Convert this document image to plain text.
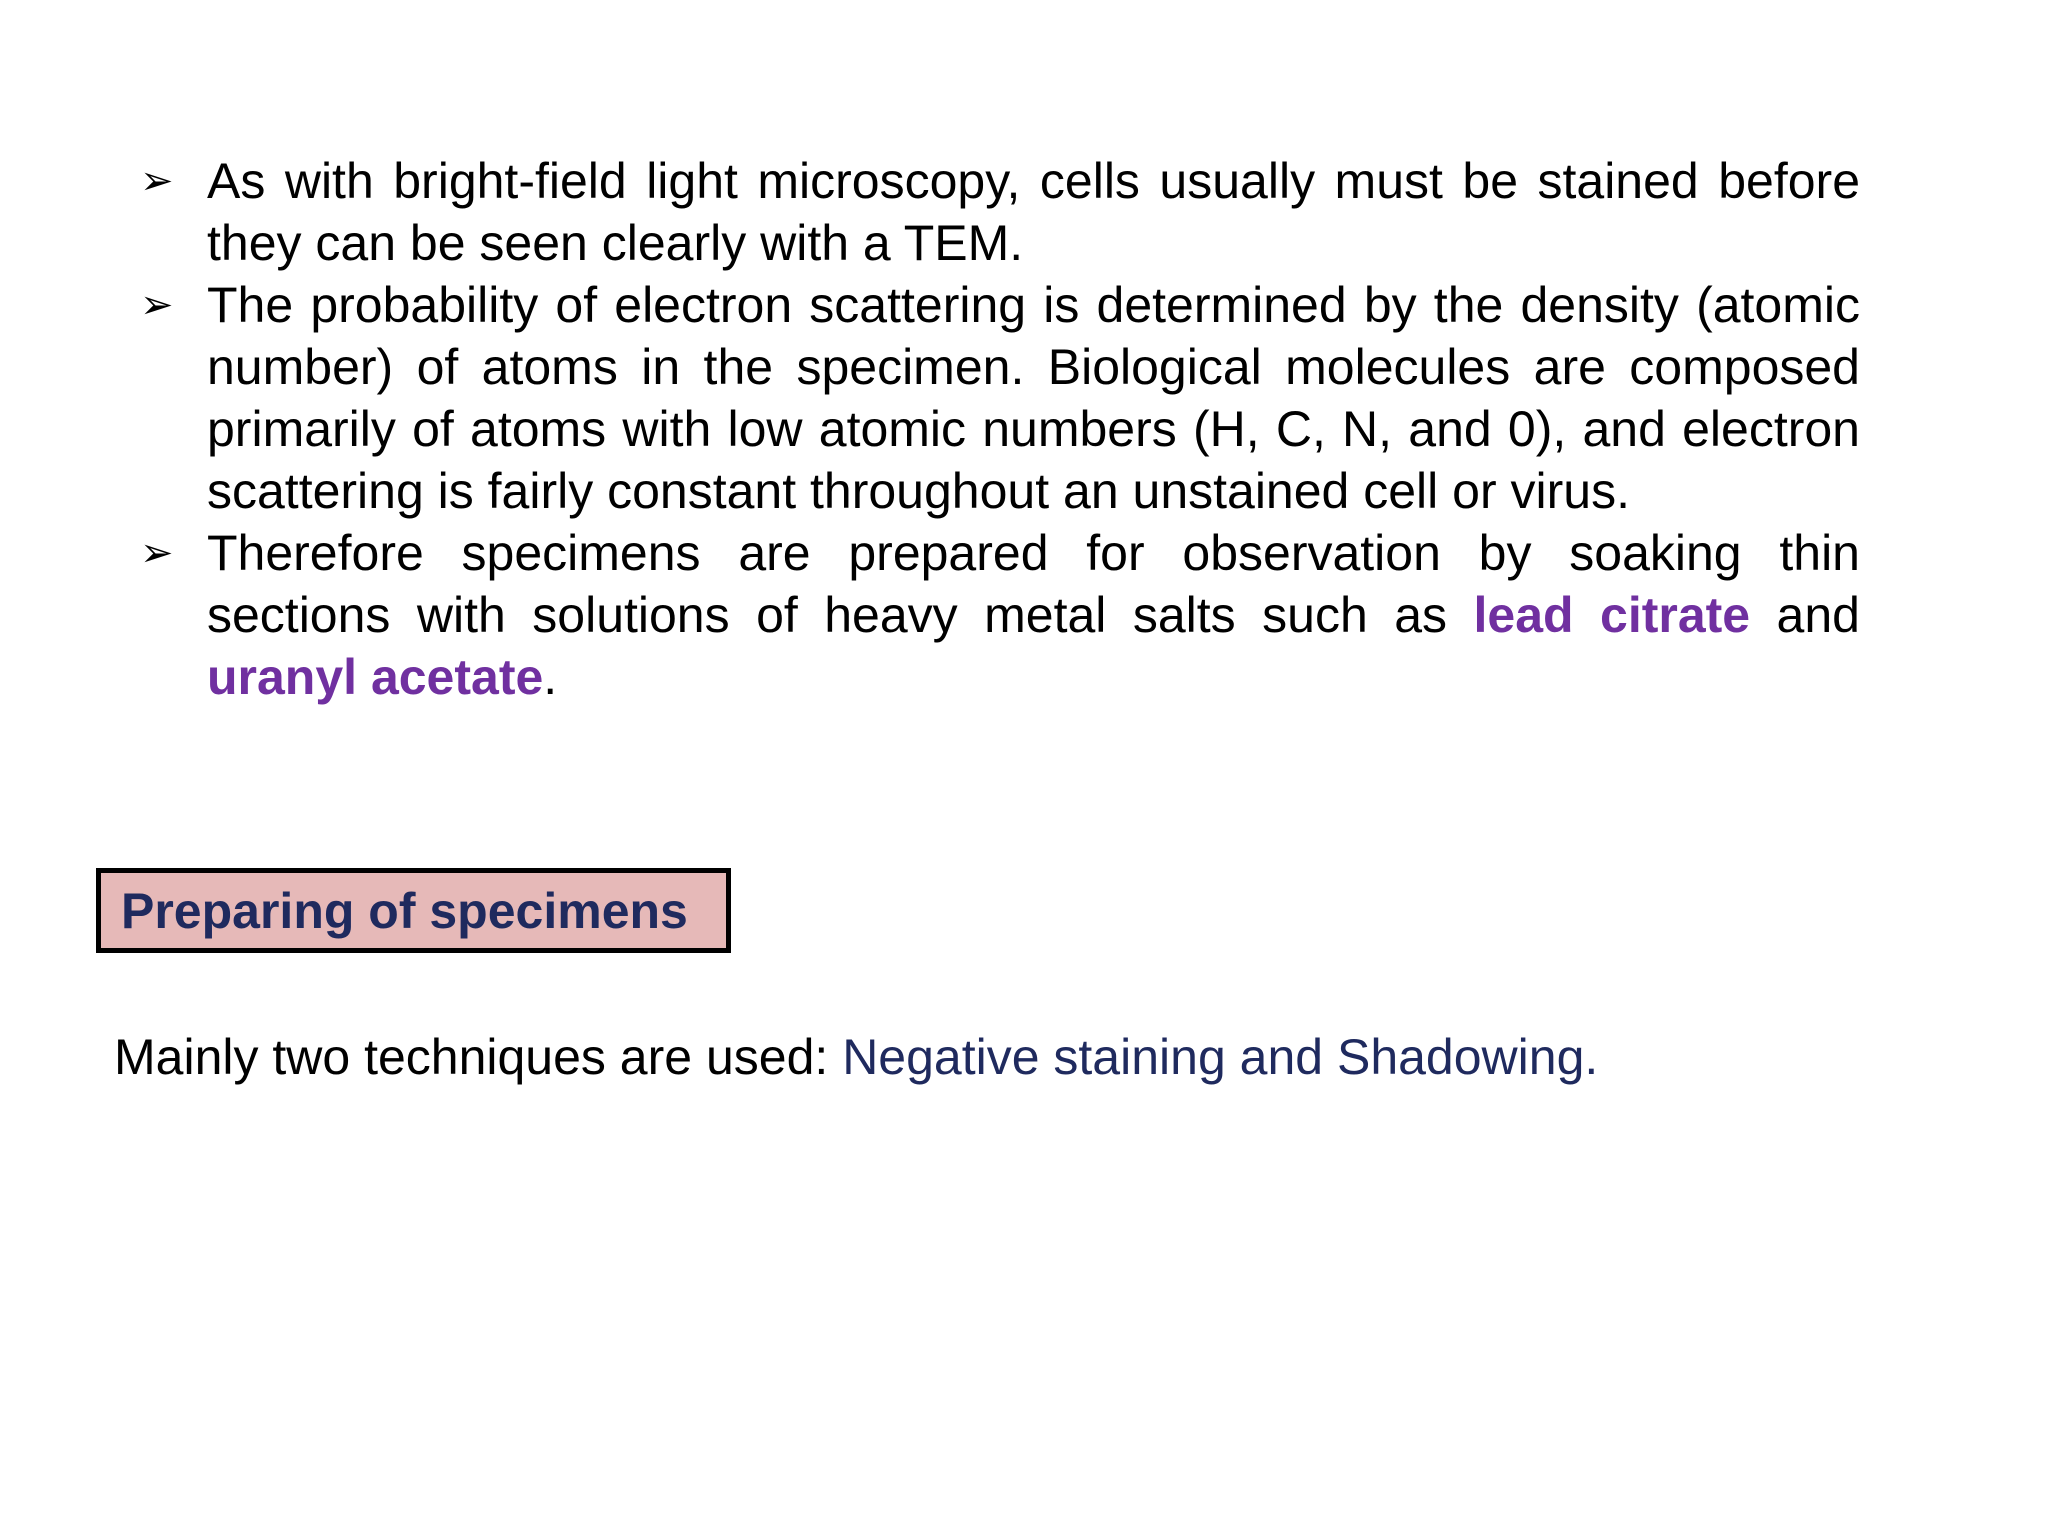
➢ As with bright-field light microscopy, cells usually must be stained before they can be seen clearly with a TEM.
➢ The probability of electron scattering is determined by the density (atomic number) of atoms in the specimen. Biological molecules are composed primarily of atoms with low atomic numbers (H, C, N, and 0), and electron scattering is fairly constant throughout an unstained cell or virus.
➢ Therefore specimens are prepared for observation by soaking thin sections with solutions of heavy metal salts such as lead citrate and uranyl acetate.
Preparing of specimens
Mainly two techniques are used: Negative staining and Shadowing.
